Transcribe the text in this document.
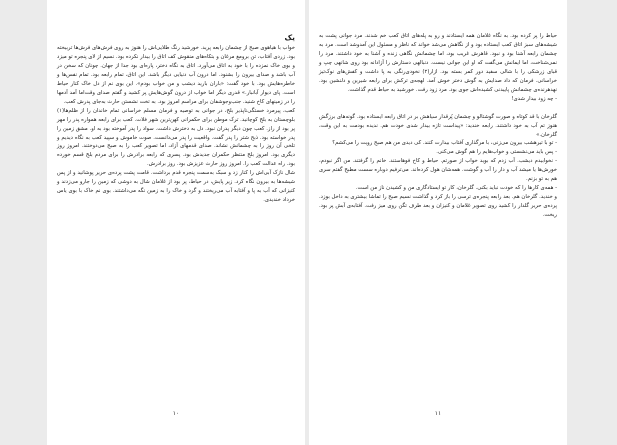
یک

خواب با هیاهوی صبح از چشمان رابعه پرید. خورشید رنگ طلایی‌اش را هنوز به روی فرش‌های فرش‌ها تربیخته بود. زردی آفتاب، تن برومغ مرغان و بتکاه‌های منقوش کف اتاق را بیدار نکرده بود. نسیم از لای پنجره تو میزد و بوی خاک نمزده را با خود به اتاق می‌آورد. اتاق به نگاه دختر، پاره‌ای بود جدا از جهان. چونان که سخن در آب باشد و صدای بیرون را بشنود. اما درون آب دنیایی دیگر باشد. این اتاق، تمام رابعه بود. تمام نفس‌ها و خاطره‌هایش بود. با خود گفت: «باران بارید دیشب و من خواب بودم». این بوی نم از دل خاک کنار حیاط است. پای دیوار آبانبار.» قدری دیگر اما خواب از درون گوش‌هایش پر کشید و گفتم صدای وقت‌اما آمد آدمها را در زمینهای کاخ شنید. جنب‌وجوشفان برای مراسم امروز بود. به تخت نشستن حارث به‌جای پدرش کعب.

کعب، پیرمرد خستگی‌ناپذیر بلخ، در جوانی به توصیه و فرمان مسلم خراسانی تمام خاندان را از ظلم‌ها(۱) بلوچستان به بلخ کوچانید. ترک موطن برای حکمرانی کهن‌ترین شهر فلات. کعب برای رابعه همواره پدر را مهر پر بود از راز. کعب چون دیگر پدران نبود. دل به دخترش داشت. سواد را پدر آموخته بود به او. مشق زمین را پدر خواسته بود. ذبح شتر را پدر گفت. واقعیت را پدر می‌دانست. صوت خاموش و سپید کعب به نگاه دیدیم و تلخی آن روز را به چشمانش نشاند. صدای قدمهای آزاد، اما تصویر کعب را به صبح می‌دوختند. امروز روز دیگری بود. امروز بلخ منتظر حکمران جدیدش بود. پسری که رابعه برادرش را برای مردم بلخ قسم خورده بود. راه عدالت کعب را. امروز روز حارث عزیزش بود. روز برادرش.

شال نازک آبی‌اش را کنار زد و سبک به‌سمت پنجره قدم برداشت. قامت پشت پرده‌ی حریر پوشانید و از پس شیشه‌ها به بیرون نگاه کرد. زیر پایش، در حیاط، پر بود از غلامان شال به دوشی که زمین را جارو می‌زدند و کنیزانی که آب به پا و آفتابه آب می‌ریختند و گرد و خاک را به زمین نگه می‌داشتند. بوی نم خاک با بوی یاس خرداد خندیدی.

۱۰

حیاط را پر کرده بود. به نگاه غلامان همه ایستادند و رو به پله‌های اتاق کعب خم شدند. مرد جوانی پشت به شیشه‌های سبز اتاق کعب ایستاده بود و از نگاهش می‌شد خواند که ناظر و مسئول این آمدوشد است. مرد به چشمان رابعه آشنا بود و نبود. قاهرش غریب بود، اما چشمانش نگاهی زنده و آشنا به خود داشتند. مرد را نمی‌شناخت، اما ایمانش می‌گفت که او این جوانی نیست. دنبالهی دستارش را آزادانه بود روی شانهی چپ و قبای زرشکی را با شالی سفید دور کمر بسته بود. ازار(۲) نخودی‌رنگی به پا داشت و کفش‌های نوک‌تیز خراسانی. فرمان که داد صدایش به گوش دختر خوش آمد. لهجه‌ی ترکش برای رابعه شیرین و دلنشین بود. نهدهرنده‌ی چشمانش پاییدنی کشیده‌اش جوی بود. مرد زود رفت. خورشید به حیاط قدم گذاشت.

- چه زود بیدار شدی!

گلرخان با قد کوتاه و صورت گوشتالو و چشمان پُرقدار سیاهش بر در اتاق رابعه ایستاده بود. گونه‌های برزگش هنوز تم آب به خود داشتند. رابعه خندید: «پیداست تازه بیدار شدی خودت هم. ندیده بودمت به این وقت، گلرخان.»

- تو با تیرهشب بیرون می‌زنی، با مرگذاری آفتاب بیدارت کنند. کی دیدی من هم صبح رویت را می‌کشم؟

- پس باید می‌نشستی و خواب‌هایم را هم گوش می‌کنی.

- نخوابیدم دیشب. آب زدم که بوید خواب از صورتم. حیاط و کاخ فوهاستند. خانم را گرفتند. من اگر نبودم، خورش‌ها یا میشد آب و دار را آب و گوشت. همه‌شان هول کرده‌اند. می‌ترفیم دوباره سست مطبخ گفتم سری هم به تو بزنم.

- همه‌ی کارها را که خودت نباید بکنی. گلرخان، کار تو ایستادگاری من و کشیدن ناز من است.

و خندید. گلرخان هم. بعد رابعه پنجره‌ی ترسی را باز کرد و گذاشت نسیم صبح را تماشا بیشتری به داخل بوزد. پرده‌ی حریر گلدار را کشید روی تصویر غلامان و کنیزان و بعد طرف تگن روی میز رفت. آفتابه‌ی آبش پر بود. ریخت.

۱۱
